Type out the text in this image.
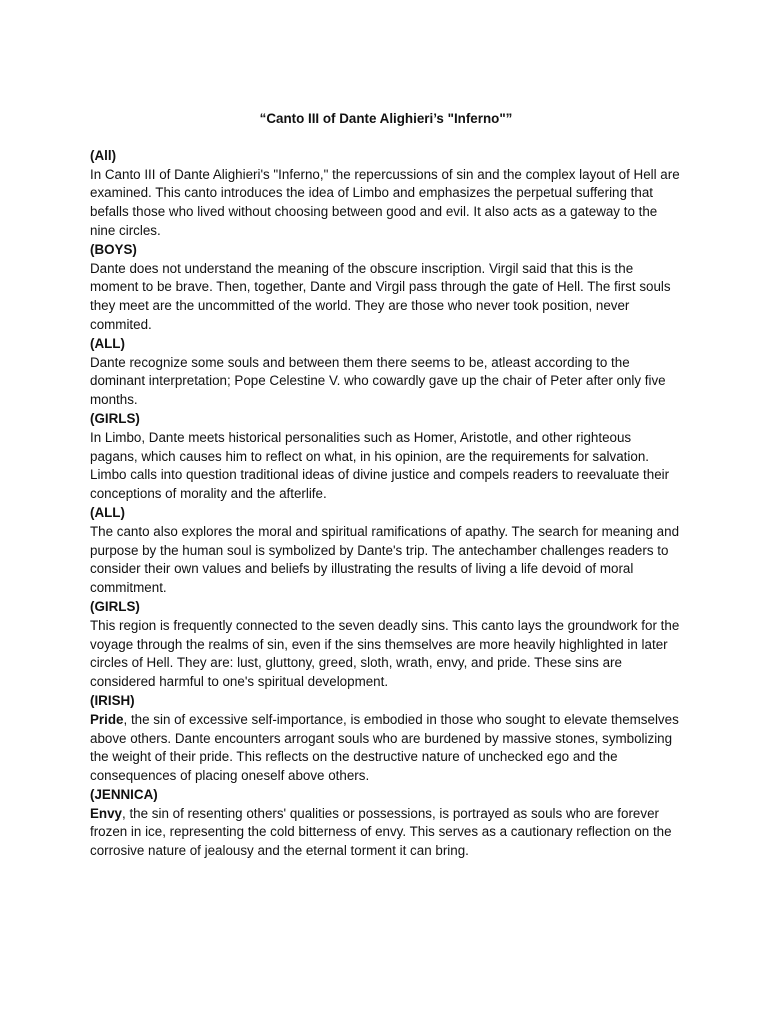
“Canto III of Dante Alighieri’s "Inferno"”
(All)
In Canto III of Dante Alighieri's "Inferno," the repercussions of sin and the complex layout of Hell are examined. This canto introduces the idea of Limbo and emphasizes the perpetual suffering that befalls those who lived without choosing between good and evil. It also acts as a gateway to the nine circles.
(BOYS)
Dante does not understand the meaning of the obscure inscription. Virgil said that this is the moment to be brave. Then, together, Dante and Virgil pass through the gate of Hell. The first souls they meet are the uncommitted of the world. They are those who never took position, never commited.
(ALL)
Dante recognize some souls and between them there seems to be, atleast according to the dominant interpretation; Pope Celestine V. who cowardly gave up the chair of Peter after only five months.
(GIRLS)
In Limbo, Dante meets historical personalities such as Homer, Aristotle, and other righteous pagans, which causes him to reflect on what, in his opinion, are the requirements for salvation. Limbo calls into question traditional ideas of divine justice and compels readers to reevaluate their conceptions of morality and the afterlife.
(ALL)
The canto also explores the moral and spiritual ramifications of apathy. The search for meaning and purpose by the human soul is symbolized by Dante's trip. The antechamber challenges readers to consider their own values and beliefs by illustrating the results of living a life devoid of moral commitment.
(GIRLS)
This region is frequently connected to the seven deadly sins. This canto lays the groundwork for the voyage through the realms of sin, even if the sins themselves are more heavily highlighted in later circles of Hell. They are: lust, gluttony, greed, sloth, wrath, envy, and pride. These sins are considered harmful to one's spiritual development.
(IRISH)
Pride, the sin of excessive self-importance, is embodied in those who sought to elevate themselves above others. Dante encounters arrogant souls who are burdened by massive stones, symbolizing the weight of their pride. This reflects on the destructive nature of unchecked ego and the consequences of placing oneself above others.
(JENNICA)
Envy, the sin of resenting others' qualities or possessions, is portrayed as souls who are forever frozen in ice, representing the cold bitterness of envy. This serves as a cautionary reflection on the corrosive nature of jealousy and the eternal torment it can bring.
